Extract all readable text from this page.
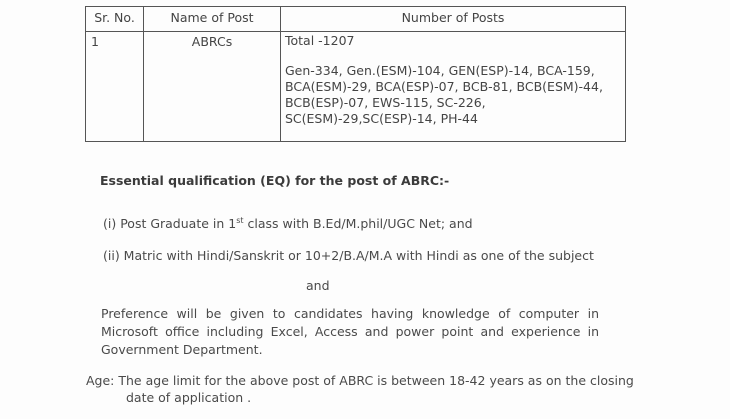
Sr. No.	Name of Post	Number of Posts
1	ABRCs	Total -1207
Gen-334, Gen.(ESM)-104, GEN(ESP)-14, BCA-159, BCA(ESM)-29, BCA(ESP)-07, BCB-81, BCB(ESM)-44, BCB(ESP)-07, EWS-115, SC-226, SC(ESM)-29,SC(ESP)-14, PH-44
Essential qualification (EQ) for the post of ABRC:-
(i) Post Graduate in 1st class with B.Ed/M.phil/UGC Net; and
(ii) Matric with Hindi/Sanskrit or 10+2/B.A/M.A with Hindi as one of the subject
and
Preference will be given to candidates having knowledge of computer in Microsoft office including Excel, Access and power point and experience in Government Department.
Age: The age limit for the above post of ABRC is between 18-42 years as on the closing
date of application .
